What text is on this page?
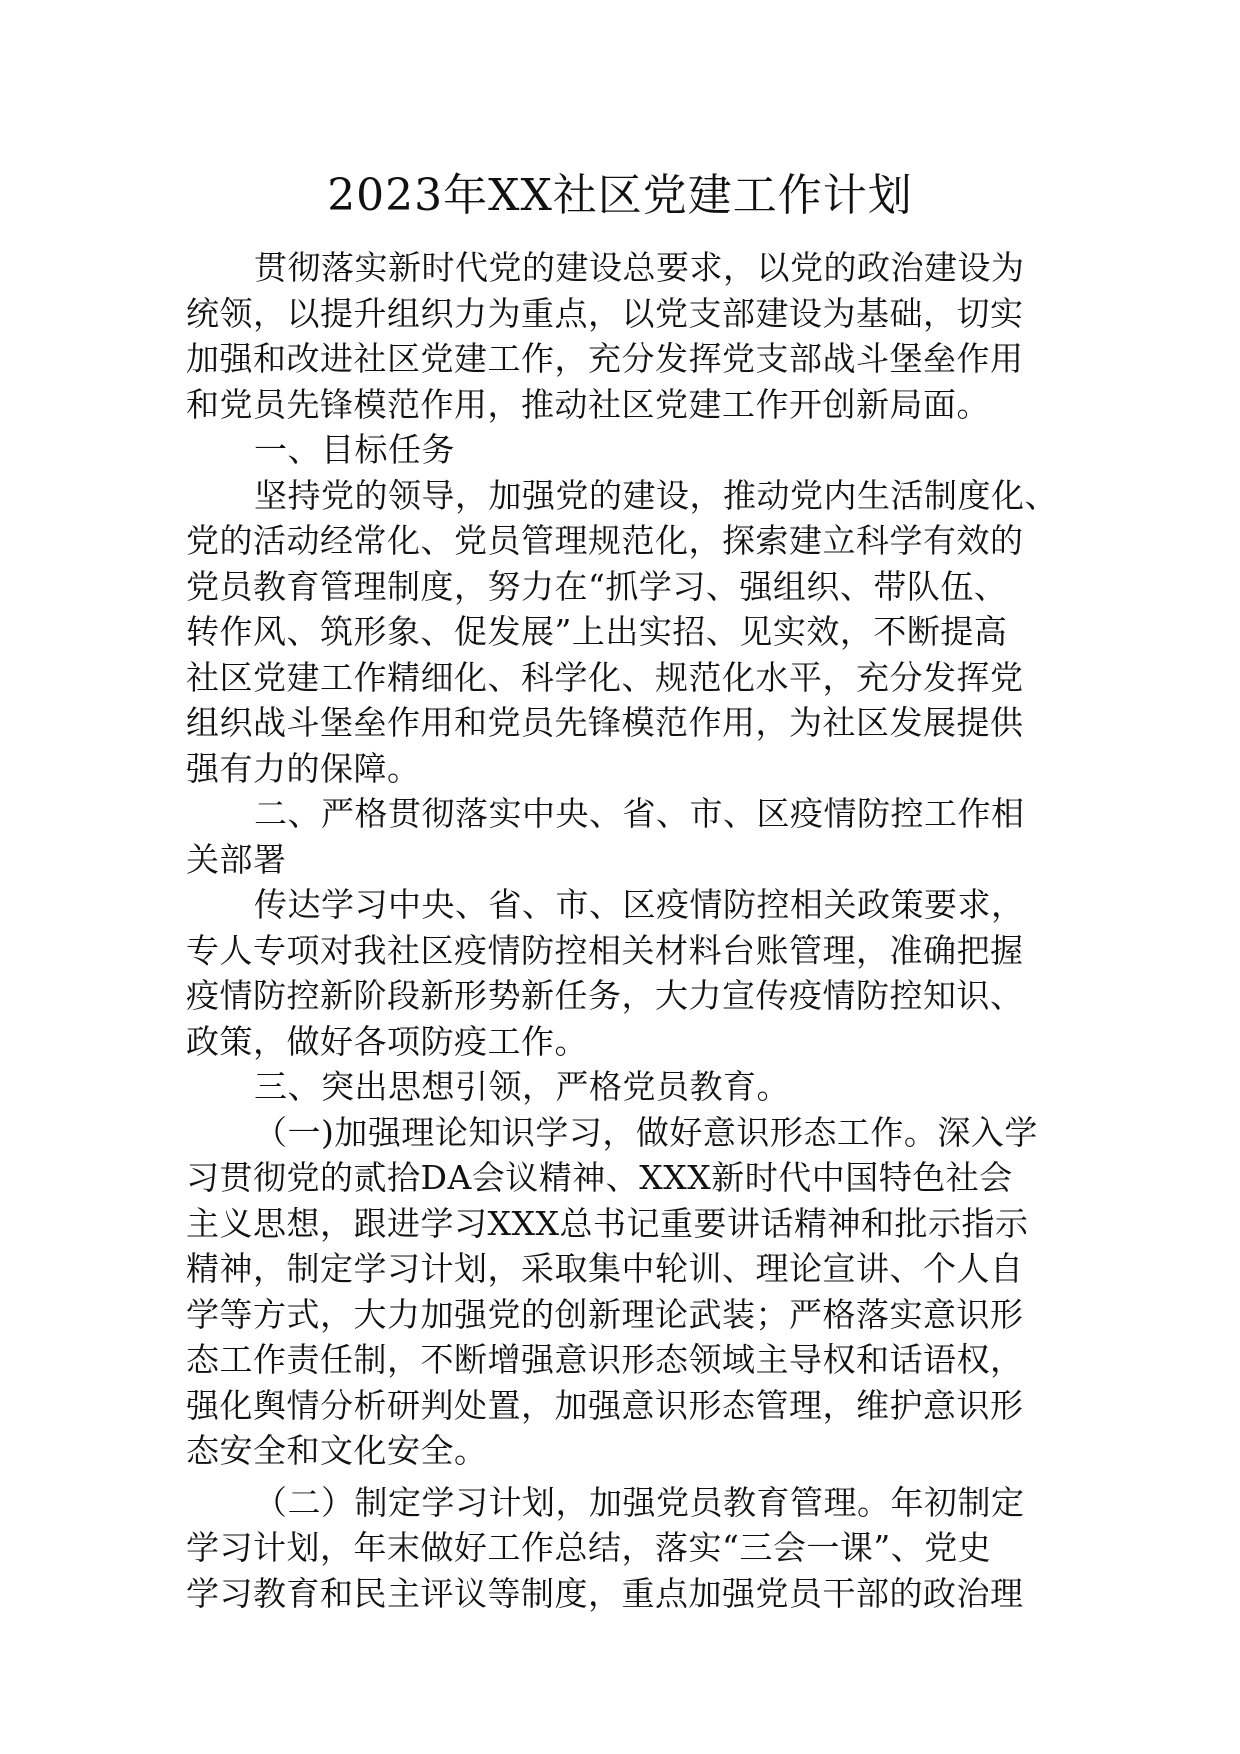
2023年XX社区党建工作计划
贯彻落实新时代党的建设总要求，以党的政治建设为
统领，以提升组织力为重点，以党支部建设为基础，切实
加强和改进社区党建工作，充分发挥党支部战斗堡垒作用
和党员先锋模范作用，推动社区党建工作开创新局面。
一、目标任务
坚持党的领导，加强党的建设，推动党内生活制度化、
党的活动经常化、党员管理规范化，探索建立科学有效的
党员教育管理制度，努力在“抓学习、强组织、带队伍、
转作风、筑形象、促发展”上出实招、见实效，不断提高
社区党建工作精细化、科学化、规范化水平，充分发挥党
组织战斗堡垒作用和党员先锋模范作用，为社区发展提供
强有力的保障。
二、严格贯彻落实中央、省、市、区疫情防控工作相
关部署
传达学习中央、省、市、区疫情防控相关政策要求，
专人专项对我社区疫情防控相关材料台账管理，准确把握
疫情防控新阶段新形势新任务，大力宣传疫情防控知识、
政策，做好各项防疫工作。
三、突出思想引领，严格党员教育。
（一)加强理论知识学习，做好意识形态工作。深入学
习贯彻党的贰拾DA会议精神、XXX新时代中国特色社会
主义思想，跟进学习XXX总书记重要讲话精神和批示指示
精神，制定学习计划，采取集中轮训、理论宣讲、个人自
学等方式，大力加强党的创新理论武装；严格落实意识形
态工作责任制，不断增强意识形态领域主导权和话语权，
强化舆情分析研判处置，加强意识形态管理，维护意识形
态安全和文化安全。
（二）制定学习计划，加强党员教育管理。年初制定
学习计划，年末做好工作总结，落实“三会一课”、党史
学习教育和民主评议等制度，重点加强党员干部的政治理
